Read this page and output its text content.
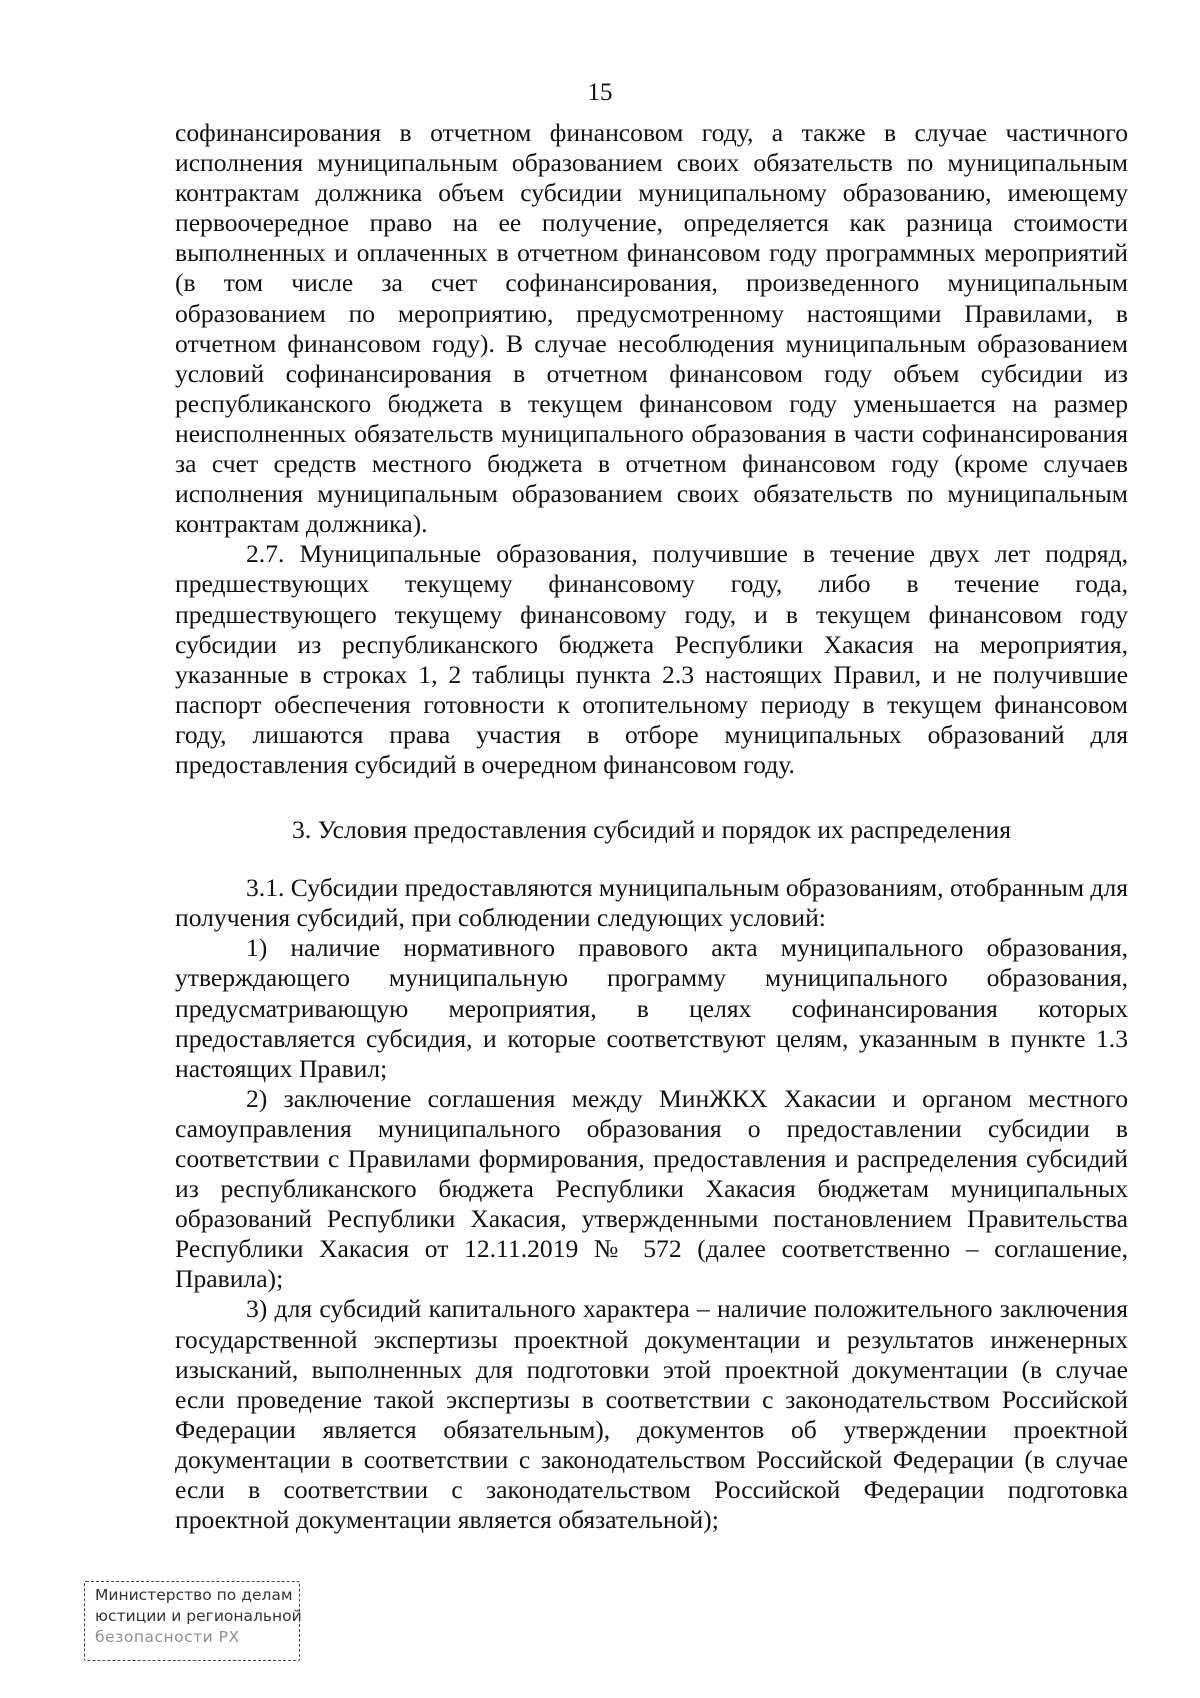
15

софинансирования в отчетном финансовом году, а также в случае частичного исполнения муниципальным образованием своих обязательств по муниципальным контрактам должника объем субсидии муниципальному образованию, имеющему первоочередное право на ее получение, определяется как разница стоимости выполненных и оплаченных в отчетном финансовом году программных мероприятий (в том числе за счет софинансирования, произведенного муниципальным образованием по мероприятию, предусмотренному настоящими Правилами, в отчетном финансовом году). В случае несоблюдения муниципальным образованием условий софинансирования в отчетном финансовом году объем субсидии из республиканского бюджета в текущем финансовом году уменьшается на размер неисполненных обязательств муниципального образования в части софинансирования за счет средств местного бюджета в отчетном финансовом году (кроме случаев исполнения муниципальным образованием своих обязательств по муниципальным контрактам должника).

2.7. Муниципальные образования, получившие в течение двух лет подряд, предшествующих текущему финансовому году, либо в течение года, предшествующего текущему финансовому году, и в текущем финансовом году субсидии из республиканского бюджета Республики Хакасия на мероприятия, указанные в строках 1, 2 таблицы пункта 2.3 настоящих Правил, и не получившие паспорт обеспечения готовности к отопительному периоду в текущем финансовом году, лишаются права участия в отборе муниципальных образований для предоставления субсидий в очередном финансовом году.

3. Условия предоставления субсидий и порядок их распределения

3.1. Субсидии предоставляются муниципальным образованиям, отобранным для получения субсидий, при соблюдении следующих условий:

1) наличие нормативного правового акта муниципального образования, утверждающего муниципальную программу муниципального образования, предусматривающую мероприятия, в целях софинансирования которых предоставляется субсидия, и которые соответствуют целям, указанным в пункте 1.3 настоящих Правил;

2) заключение соглашения между МинЖКХ Хакасии и органом местного самоуправления муниципального образования о предоставлении субсидии в соответствии с Правилами формирования, предоставления и распределения субсидий из республиканского бюджета Республики Хакасия бюджетам муниципальных образований Республики Хакасия, утвержденными постановлением Правительства Республики Хакасия от 12.11.2019 № 572 (далее соответственно – соглашение, Правила);

3) для субсидий капитального характера – наличие положительного заключения государственной экспертизы проектной документации и результатов инженерных изысканий, выполненных для подготовки этой проектной документации (в случае если проведение такой экспертизы в соответствии с законодательством Российской Федерации является обязательным), документов об утверждении проектной документации в соответствии с законодательством Российской Федерации (в случае если в соответствии с законодательством Российской Федерации подготовка проектной документации является обязательной);

Министерство по делам
юстиции и региональной
безопасности РХ
